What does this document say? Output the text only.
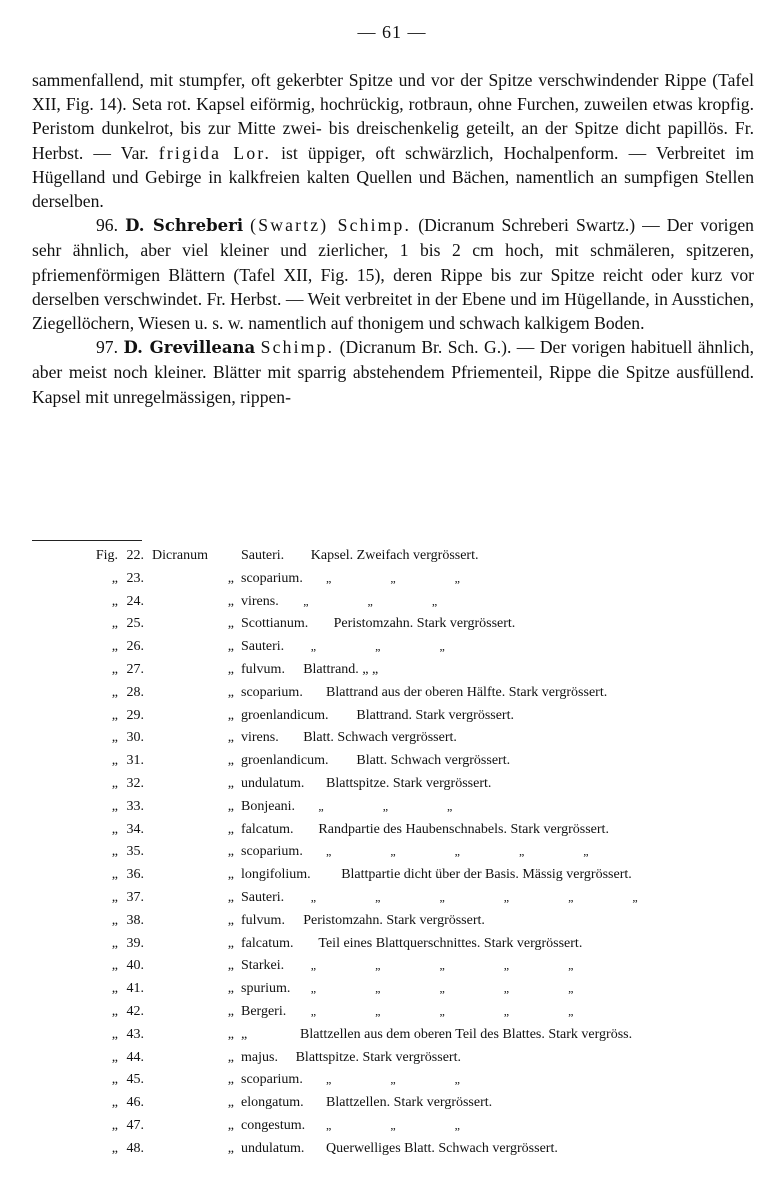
— 61 —

sammenfallend, mit stumpfer, oft gekerbter Spitze und vor der Spitze verschwindender Rippe (Tafel XII, Fig. 14). Seta rot. Kapsel eiförmig, hochrückig, rotbraun, ohne Furchen, zuweilen etwas kropfig. Peristom dunkelrot, bis zur Mitte zwei- bis dreischenkelig geteilt, an der Spitze dicht papillös. Fr. Herbst. — Var. frigida Lor. ist üppiger, oft schwärzlich, Hochalpenform. — Verbreitet im Hügelland und Gebirge in kalkfreien kalten Quellen und Bächen, namentlich an sumpfigen Stellen derselben.

96. D. Schreberi (Swartz) Schimp. (Dicranum Schreberi Swartz.) — Der vorigen sehr ähnlich, aber viel kleiner und zierlicher, 1 bis 2 cm hoch, mit schmäleren, spitzeren, pfriemenförmigen Blättern (Tafel XII, Fig. 15), deren Rippe bis zur Spitze reicht oder kurz vor derselben verschwindet. Fr. Herbst. — Weit verbreitet in der Ebene und im Hügellande, in Ausstichen, Ziegellöchern, Wiesen u. s. w. namentlich auf thonigem und schwach kalkigem Boden.

97. D. Grevilleana Schimp. (Dicranum Br. Sch. G.). — Der vorigen habituell ähnlich, aber meist noch kleiner. Blätter mit sparrig abstehendem Pfriementeil, Rippe die Spitze ausfüllend. Kapsel mit unregelmässigen, rippen-

Fig. 22. Dicranum	Sauteri. Kapsel. Zweifach vergrössert.
„ 23.	„ scoparium. „ „ „
„ 24.	„ virens. „ „ „
„ 25.	„ Scottianum. Peristomzahn. Stark vergrössert.
„ 26.	„ Sauteri. „ „ „
„ 27.	„ fulvum. Blattrand. „ „
„ 28.	„ scoparium. Blattrand aus der oberen Hälfte. Stark vergrössert.
„ 29.	„ groenlandicum. Blattrand. Stark vergrössert.
„ 30.	„ virens. Blatt. Schwach vergrössert.
„ 31.	„ groenlandicum. Blatt. Schwach vergrössert.
„ 32.	„ undulatum. Blattspitze. Stark vergrössert.
„ 33.	„ Bonjeani. „ „ „
„ 34.	„ falcatum. Randpartie des Haubenschnabels. Stark vergrössert.
„ 35.	„ scoparium. „ „ „ „ „
„ 36.	„ longifolium. Blattpartie dicht über der Basis. Mässig vergrössert.
„ 37.	„ Sauteri. „ „ „ „ „ „
„ 38.	„ fulvum. Peristomzahn. Stark vergrössert.
„ 39.	„ falcatum. Teil eines Blattquerschnittes. Stark vergrössert.
„ 40.	„ Starkei. „ „ „ „ „
„ 41.	„ spurium. „ „ „ „ „
„ 42.	„ Bergeri. „ „ „ „ „
„ 43.	„ „	Blattzellen aus dem oberen Teil des Blattes. Stark vergröss.
„ 44.	„ majus. Blattspitze. Stark vergrössert.
„ 45.	„ scoparium. „ „ „
„ 46.	„ elongatum. Blattzellen. Stark vergrössert.
„ 47.	„ congestum. „ „ „
„ 48.	„ undulatum. Querwelliges Blatt. Schwach vergrössert.
